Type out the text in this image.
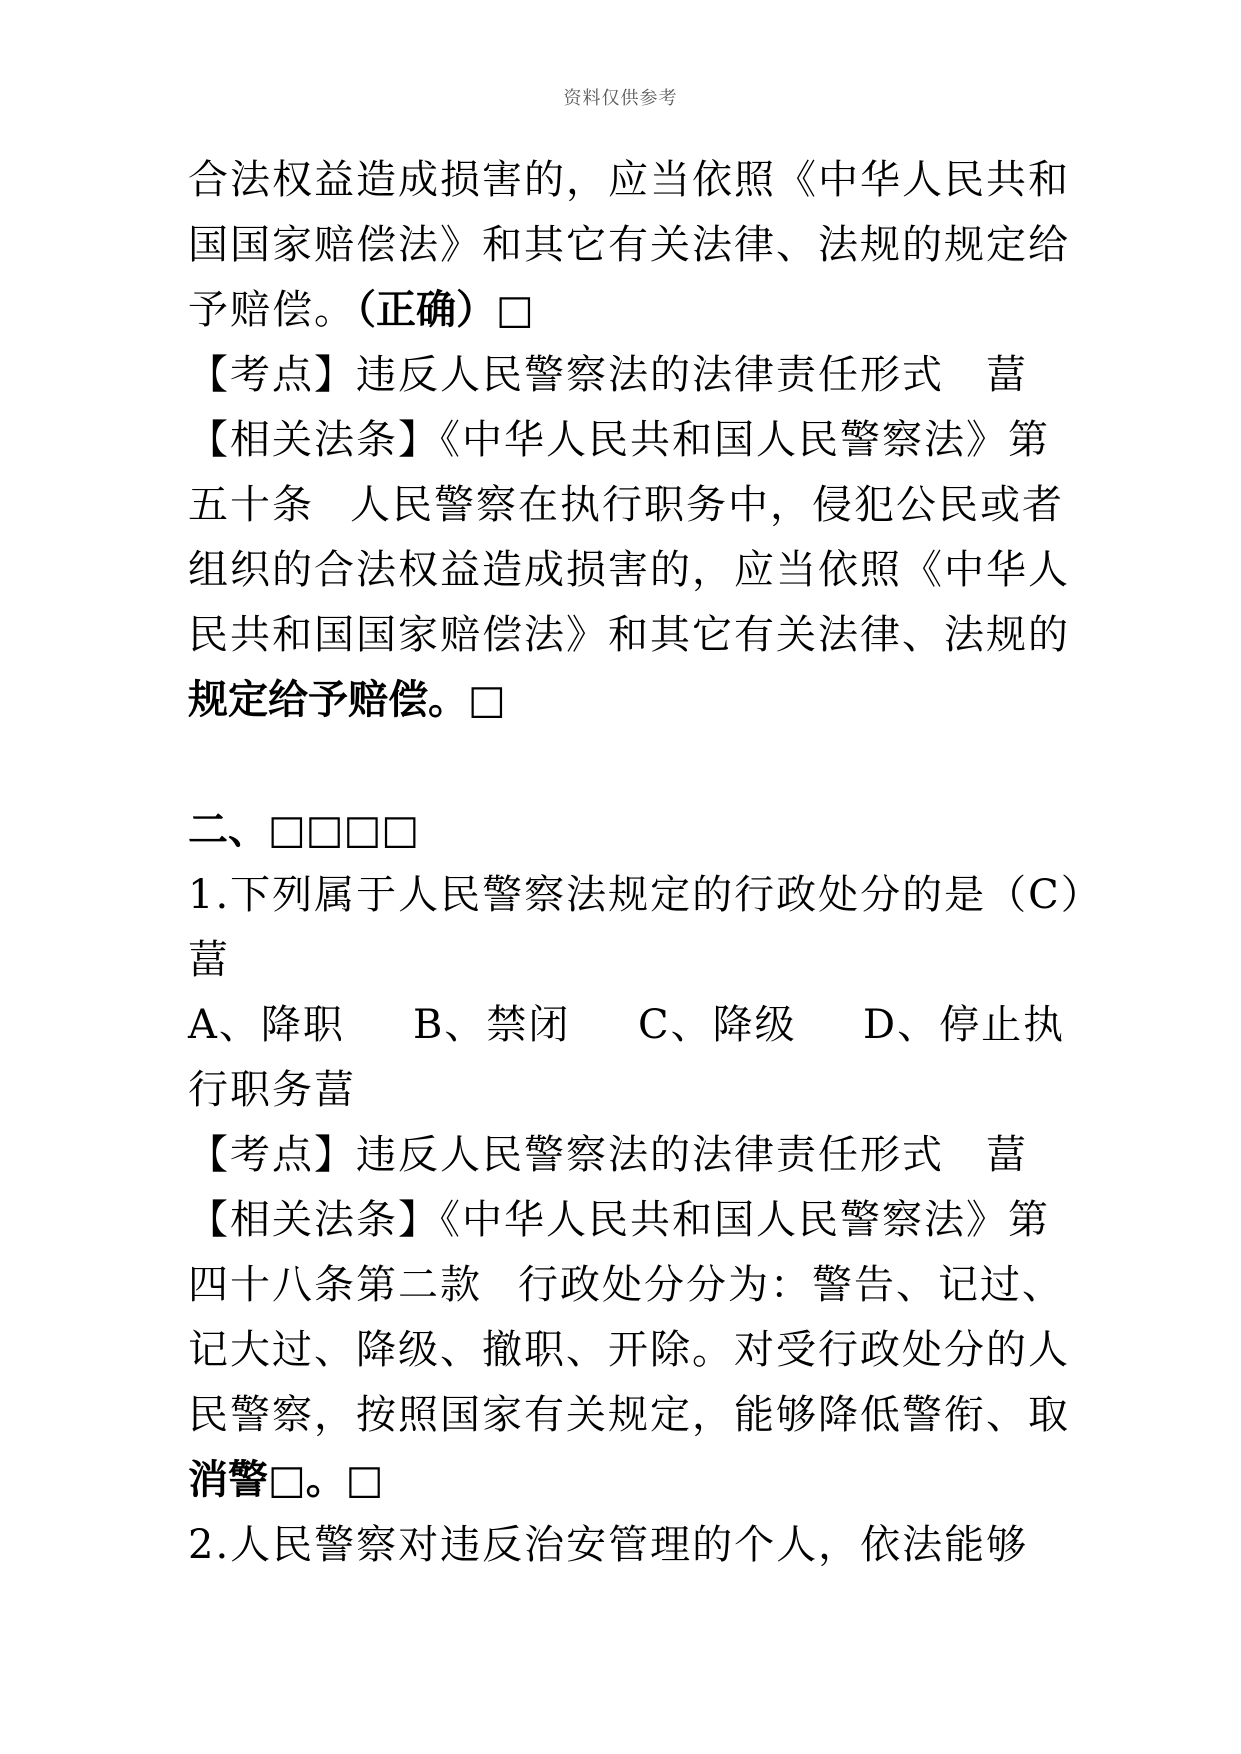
资料仅供参考
合法权益造成损害的，应当依照《中华人民共和
国国家赔偿法》和其它有关法律、法规的规定给
予赔偿。（正确）□
【考点】违反人民警察法的法律责任形式　葍
【相关法条】《中华人民共和国人民警察法》第
五十条 人民警察在执行职务中，侵犯公民或者
组织的合法权益造成损害的，应当依照《中华人
民共和国国家赔偿法》和其它有关法律、法规的
规定给予赔偿。□
二、□□□□
1.下列属于人民警察法规定的行政处分的是（C）
葍
A、降职 B、禁闭 C、降级 D、停止执
行职务葍
【考点】违反人民警察法的法律责任形式　葍
【相关法条】《中华人民共和国人民警察法》第
四十八条第二款 行政处分分为：警告、记过、
记大过、降级、撤职、开除。对受行政处分的人
民警察，按照国家有关规定，能够降低警衔、取
消警□。□
2.人民警察对违反治安管理的个人，依法能够
